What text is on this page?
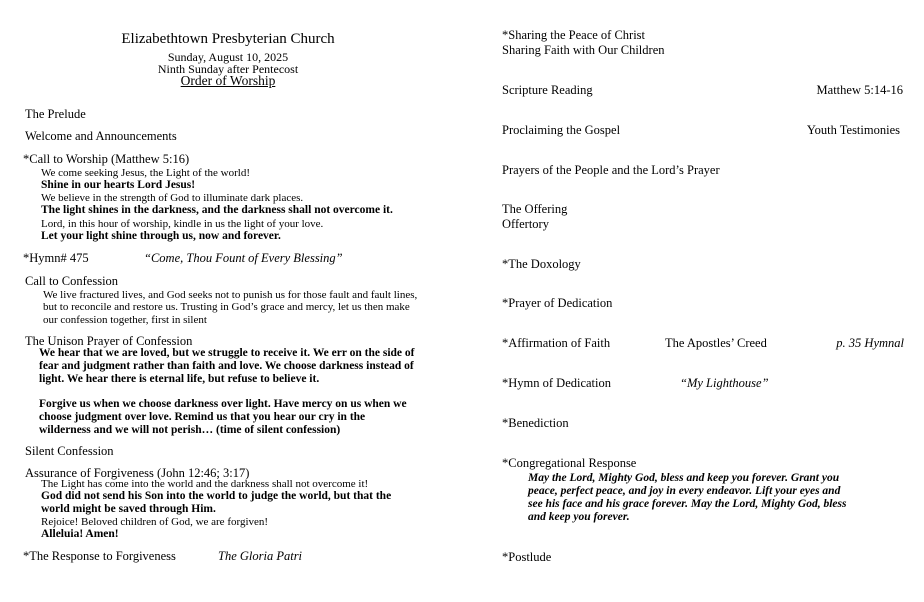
Elizabethtown Presbyterian Church
Sunday, August 10, 2025
Ninth Sunday after Pentecost
Order of Worship
The Prelude
Welcome and Announcements
*Call to Worship (Matthew 5:16)
We come seeking Jesus, the Light of the world!
Shine in our hearts Lord Jesus!
We believe in the strength of God to illuminate dark places.
The light shines in the darkness, and the darkness shall not overcome it.
Lord, in this hour of worship, kindle in us the light of your love.
Let your light shine through us, now and forever.
*Hymn# 475	“Come, Thou Fount of Every Blessing”
Call to Confession
We live fractured lives, and God seeks not to punish us for those fault and fault lines,
but to reconcile and restore us. Trusting in God’s grace and mercy, let us then make
our confession together, first in silent
The Unison Prayer of Confession
We hear that we are loved, but we struggle to receive it. We err on the side of
fear and judgment rather than faith and love. We choose darkness instead of
light. We hear there is eternal life, but refuse to believe it.
Forgive us when we choose darkness over light. Have mercy on us when we
choose judgment over love. Remind us that you hear our cry in the
wilderness and we will not perish… (time of silent confession)
Silent Confession
Assurance of Forgiveness (John 12:46; 3:17)
The Light has come into the world and the darkness shall not overcome it!
God did not send his Son into the world to judge the world, but that the
world might be saved through Him.
Rejoice! Beloved children of God, we are forgiven!
Alleluia! Amen!
*The Response to Forgiveness	The Gloria Patri
*Sharing the Peace of Christ
Sharing Faith with Our Children
Scripture Reading	Matthew 5:14-16
Proclaiming the Gospel	Youth Testimonies
Prayers of the People and the Lord’s Prayer
The Offering
Offertory
*The Doxology
*Prayer of Dedication
*Affirmation of Faith	The Apostles’ Creed	p. 35 Hymnal
*Hymn of Dedication	“My Lighthouse”
*Benediction
*Congregational Response
May the Lord, Mighty God, bless and keep you forever. Grant you
peace, perfect peace, and joy in every endeavor. Lift your eyes and
see his face and his grace forever. May the Lord, Mighty God, bless
and keep you forever.
*Postlude
